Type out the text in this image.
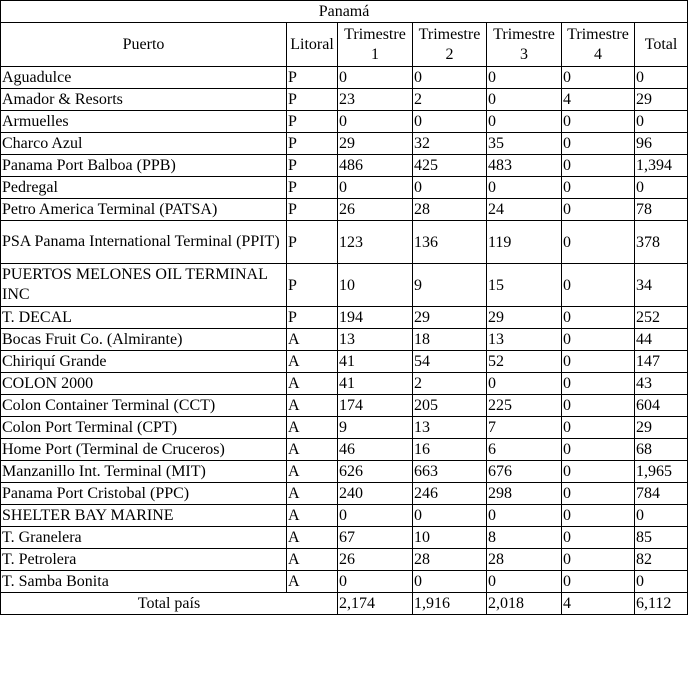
Panamá						
Puerto	Litoral	Trimestre 1	Trimestre 2	Trimestre 3	Trimestre 4	Total
Aguadulce	P	0	0	0	0	0
Amador & Resorts	P	23	2	0	4	29
Armuelles	P	0	0	0	0	0
Charco Azul	P	29	32	35	0	96
Panama Port Balboa (PPB)	P	486	425	483	0	1,394
Pedregal	P	0	0	0	0	0
Petro America Terminal (PATSA)	P	26	28	24	0	78
PSA Panama International Terminal (PPIT)	P	123	136	119	0	378
PUERTOS MELONES OIL TERMINAL INC	P	10	9	15	0	34
T. DECAL	P	194	29	29	0	252
Bocas Fruit Co. (Almirante)	A	13	18	13	0	44
Chiriquí Grande	A	41	54	52	0	147
COLON 2000	A	41	2	0	0	43
Colon Container Terminal (CCT)	A	174	205	225	0	604
Colon Port Terminal (CPT)	A	9	13	7	0	29
Home Port (Terminal de Cruceros)	A	46	16	6	0	68
Manzanillo Int. Terminal (MIT)	A	626	663	676	0	1,965
Panama Port Cristobal (PPC)	A	240	246	298	0	784
SHELTER BAY MARINE	A	0	0	0	0	0
T. Granelera	A	67	10	8	0	85
T. Petrolera	A	26	28	28	0	82
T. Samba Bonita	A	0	0	0	0	0
Total país		2,174	1,916	2,018	4	6,112
